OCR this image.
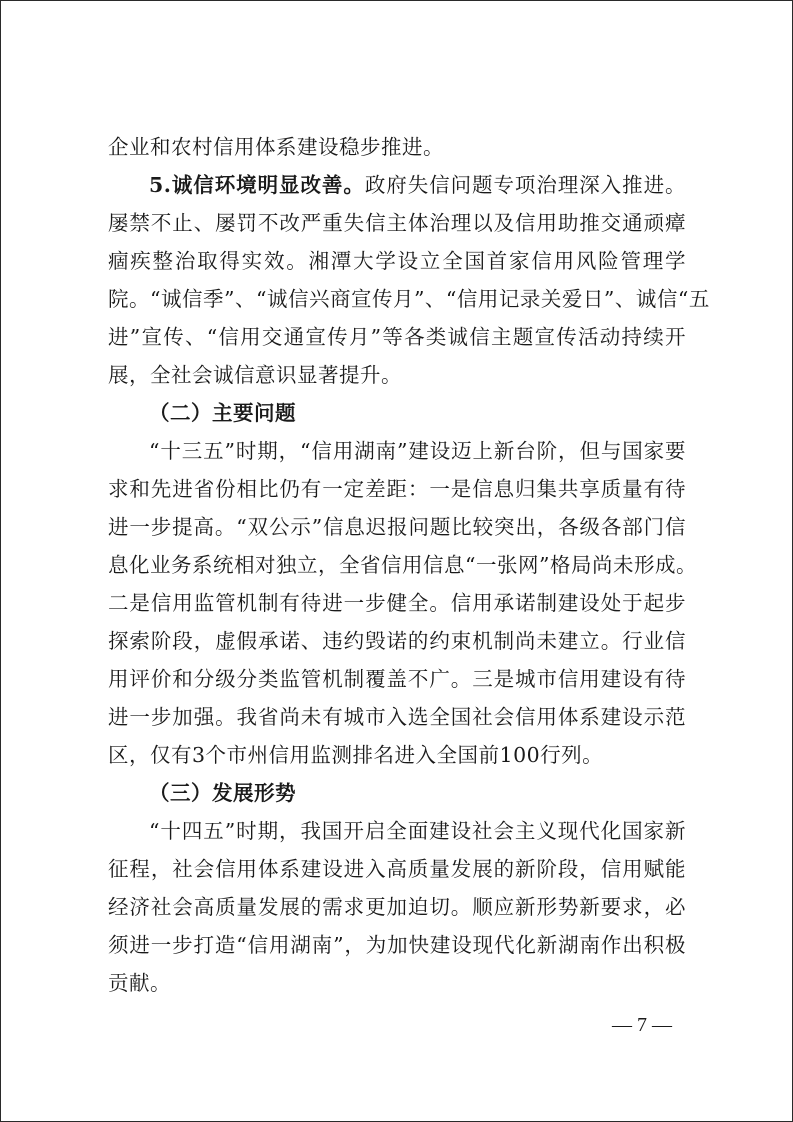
企业和农村信用体系建设稳步推进。
5.诚信环境明显改善。政府失信问题专项治理深入推进。
屡禁不止、屡罚不改严重失信主体治理以及信用助推交通顽瘴
痼疾整治取得实效。湘潭大学设立全国首家信用风险管理学
院。“诚信季”、“诚信兴商宣传月”、“信用记录关爱日”、诚信“五
进”宣传、“信用交通宣传月”等各类诚信主题宣传活动持续开
展，全社会诚信意识显著提升。
（二）主要问题
“十三五”时期，“信用湖南”建设迈上新台阶，但与国家要
求和先进省份相比仍有一定差距：一是信息归集共享质量有待
进一步提高。“双公示”信息迟报问题比较突出，各级各部门信
息化业务系统相对独立，全省信用信息“一张网”格局尚未形成。
二是信用监管机制有待进一步健全。信用承诺制建设处于起步
探索阶段，虚假承诺、违约毁诺的约束机制尚未建立。行业信
用评价和分级分类监管机制覆盖不广。三是城市信用建设有待
进一步加强。我省尚未有城市入选全国社会信用体系建设示范
区，仅有3个市州信用监测排名进入全国前100行列。
（三）发展形势
“十四五”时期，我国开启全面建设社会主义现代化国家新
征程，社会信用体系建设进入高质量发展的新阶段，信用赋能
经济社会高质量发展的需求更加迫切。顺应新形势新要求，必
须进一步打造“信用湖南”，为加快建设现代化新湖南作出积极
贡献。
— 7 —
